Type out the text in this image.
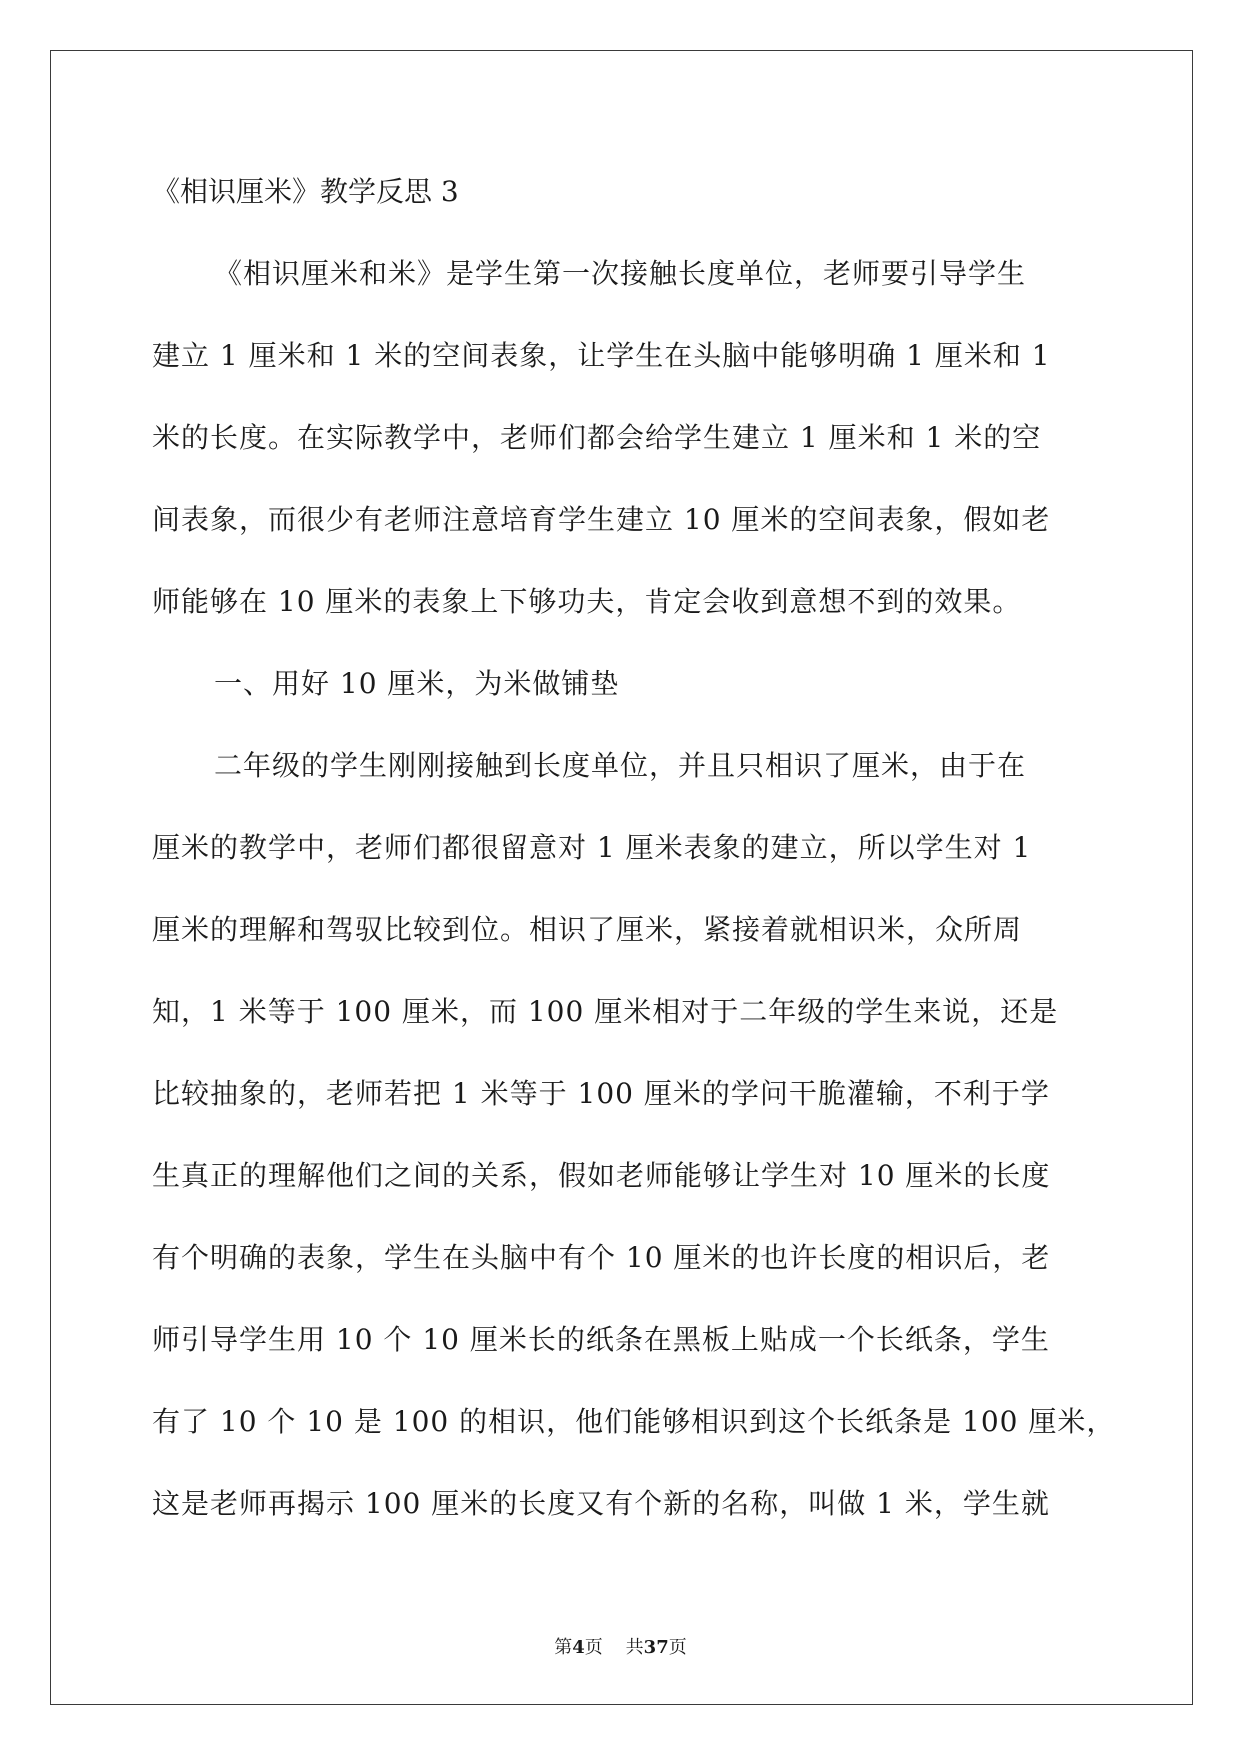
《相识厘米》教学反思 3
《相识厘米和米》是学生第一次接触长度单位，老师要引导学生
建立 1 厘米和 1 米的空间表象，让学生在头脑中能够明确 1 厘米和 1
米的长度。在实际教学中，老师们都会给学生建立 1 厘米和 1 米的空
间表象，而很少有老师注意培育学生建立 10 厘米的空间表象，假如老
师能够在 10 厘米的表象上下够功夫，肯定会收到意想不到的效果。
一、用好 10 厘米，为米做铺垫
二年级的学生刚刚接触到长度单位，并且只相识了厘米，由于在
厘米的教学中，老师们都很留意对 1 厘米表象的建立，所以学生对 1
厘米的理解和驾驭比较到位。相识了厘米，紧接着就相识米，众所周
知，1 米等于 100 厘米，而 100 厘米相对于二年级的学生来说，还是
比较抽象的，老师若把 1 米等于 100 厘米的学问干脆灌输，不利于学
生真正的理解他们之间的关系，假如老师能够让学生对 10 厘米的长度
有个明确的表象，学生在头脑中有个 10 厘米的也许长度的相识后，老
师引导学生用 10 个 10 厘米长的纸条在黑板上贴成一个长纸条，学生
有了 10 个 10 是 100 的相识，他们能够相识到这个长纸条是 100 厘米，
这是老师再揭示 100 厘米的长度又有个新的名称，叫做 1 米，学生就
第4页 共37页
